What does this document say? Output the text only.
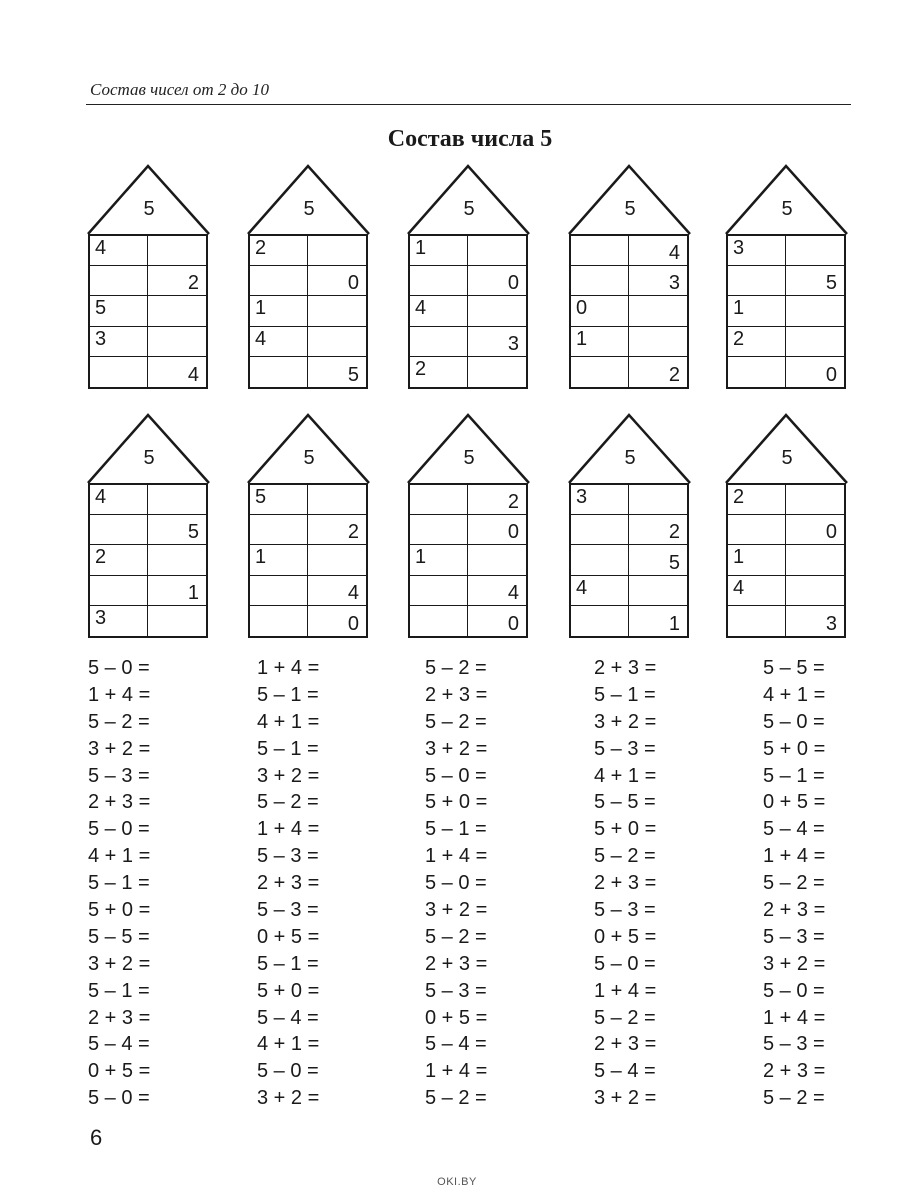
Состав чисел от 2 до 10
Состав числа 5
5
4
2
5
3
4
5
2
0
1
4
5
5
1
0
4
3
2
5
4
3
0
1
2
5
3
5
1
2
0
5
4
5
2
1
3
5
5
2
1
4
0
5
2
0
1
4
0
5
3
2
5
4
1
5
2
0
1
4
3
5 – 0 =
1 + 4 =
5 – 2 =
3 + 2 =
5 – 3 =
2 + 3 =
5 – 0 =
4 + 1 =
5 – 1 =
5 + 0 =
5 – 5 =
3 + 2 =
5 – 1 =
2 + 3 =
5 – 4 =
0 + 5 =
5 – 0 =
1 + 4 =
5 – 1 =
4 + 1 =
5 – 1 =
3 + 2 =
5 – 2 =
1 + 4 =
5 – 3 =
2 + 3 =
5 – 3 =
0 + 5 =
5 – 1 =
5 + 0 =
5 – 4 =
4 + 1 =
5 – 0 =
3 + 2 =
5 – 2 =
2 + 3 =
5 – 2 =
3 + 2 =
5 – 0 =
5 + 0 =
5 – 1 =
1 + 4 =
5 – 0 =
3 + 2 =
5 – 2 =
2 + 3 =
5 – 3 =
0 + 5 =
5 – 4 =
1 + 4 =
5 – 2 =
2 + 3 =
5 – 1 =
3 + 2 =
5 – 3 =
4 + 1 =
5 – 5 =
5 + 0 =
5 – 2 =
2 + 3 =
5 – 3 =
0 + 5 =
5 – 0 =
1 + 4 =
5 – 2 =
2 + 3 =
5 – 4 =
3 + 2 =
5 – 5 =
4 + 1 =
5 – 0 =
5 + 0 =
5 – 1 =
0 + 5 =
5 – 4 =
1 + 4 =
5 – 2 =
2 + 3 =
5 – 3 =
3 + 2 =
5 – 0 =
1 + 4 =
5 – 3 =
2 + 3 =
5 – 2 =
6
OKI.BY
